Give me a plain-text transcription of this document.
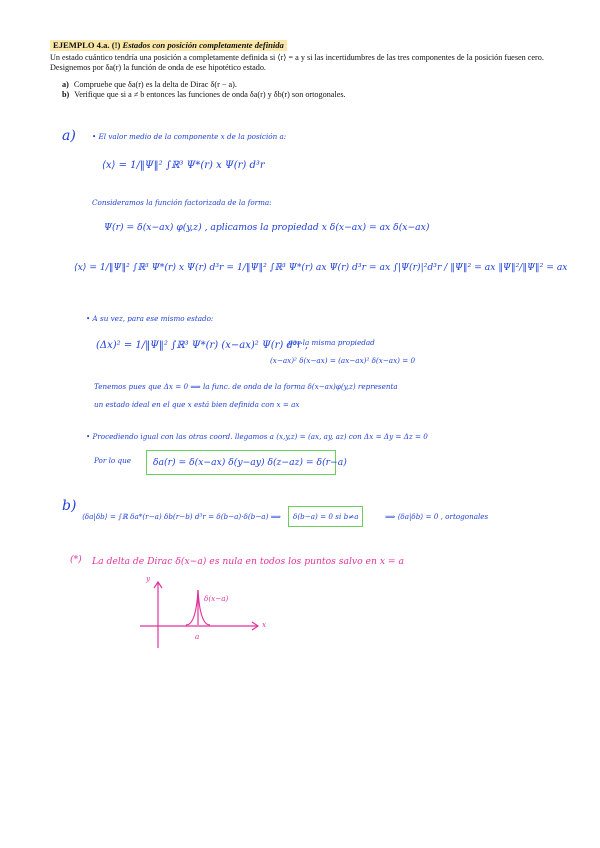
EJEMPLO 4.a. (!) Estados con posición completamente definida
Un estado cuántico tendría una posición a completamente definida si ⟨r⟩ = a y si las incertidumbres de las tres componentes de la posición fuesen cero. Designemos por δa(r) la función de onda de ese hipotético estado.
a) Compruebe que δa(r) es la delta de Dirac δ(r − a).
b) Verifique que si a ≠ b entonces las funciones de onda δa(r) y δb(r) son ortogonales.
a) • El valor medio de la componente x de la posición a:
⟨x⟩ = 1/‖Ψ‖² ∫ℝ³ Ψ*(r) x Ψ(r) d³r
Consideramos la función factorizada de la forma:
Ψ(r) = δ(x−ax) φ(y,z) , aplicamos la propiedad x δ(x−ax) = ax δ(x−ax)
⟨x⟩ = 1/‖Ψ‖² ∫ℝ³ Ψ*(r) x Ψ(r) d³r = 1/‖Ψ‖² ∫ℝ³ Ψ*(r) ax Ψ(r) d³r = ax ∫|Ψ(r)|²d³r / ‖Ψ‖² = ax ‖Ψ‖²/‖Ψ‖² = ax
• A su vez, para ese mismo estado:
(Δx)² = 1/‖Ψ‖² ∫ℝ³ Ψ*(r) (x−ax)² Ψ(r) d³r ,
por la misma propiedad
(x−ax)² δ(x−ax) = (ax−ax)² δ(x−ax) = 0
Tenemos pues que Δx = 0 ⟹ la func. de onda de la forma δ(x−ax)φ(y,z) representa
un estado ideal en el que x está bien definida con x = ax
• Procediendo igual con las otras coord. llegamos a (x,y,z) = (ax, ay, az) con Δx = Δy = Δz = 0
Por lo que	δa(r) = δ(x−ax) δ(y−ay) δ(z−az) = δ(r−a)
b)
⟨δa|δb⟩ = ∫ℝ δa*(r−a) δb(r−b) d³r = δ(b−a)·δ(b−a) ⟹	δ(b−a) = 0 si b≠a	⟹ ⟨δa|δb⟩ = 0 , ortogonales
(*) La delta de Dirac δ(x−a) es nula en todos los puntos salvo en x = a
y
x
δ(x−a)
a
